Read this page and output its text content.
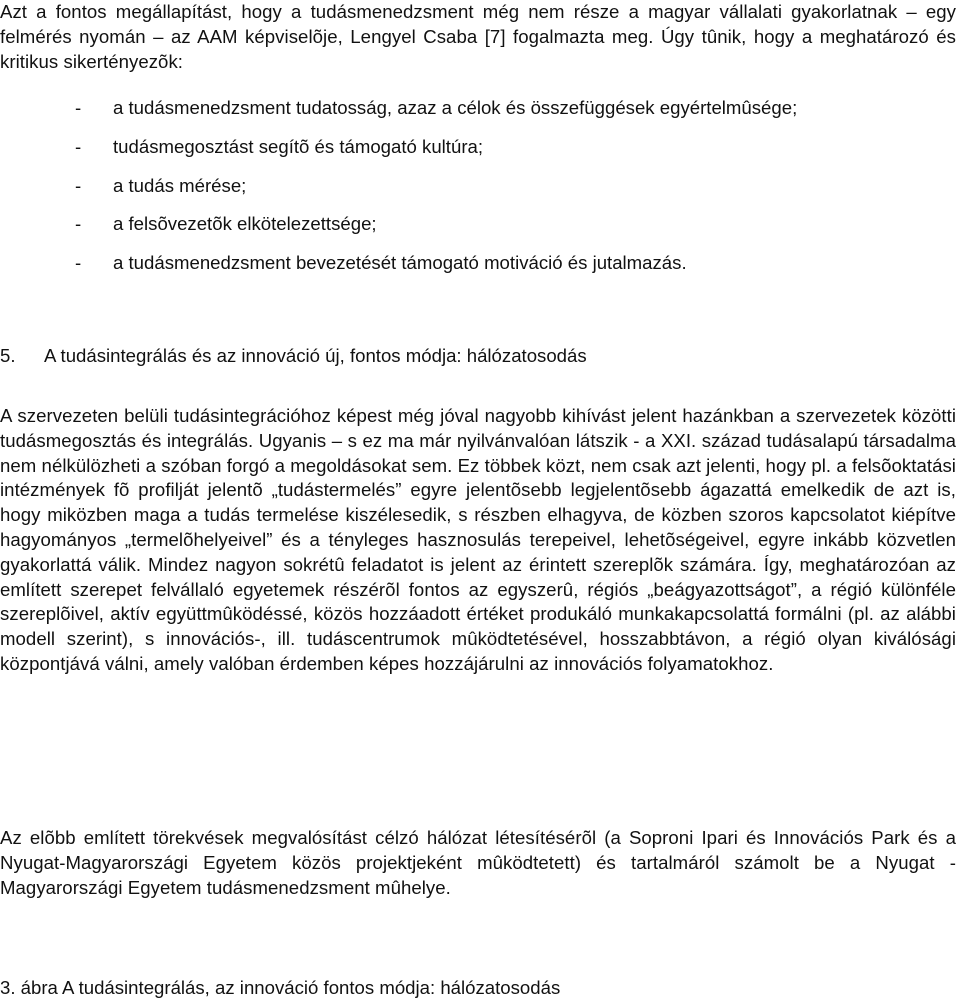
Azt a fontos megállapítást, hogy a tudásmenedzsment még nem része a magyar vállalati gyakorlatnak – egy felmérés nyomán – az AAM képviselõje, Lengyel Csaba [7] fogalmazta meg. Úgy tûnik, hogy a meghatározó és kritikus sikertényezõk:

- a tudásmenedzsment tudatosság, azaz a célok és összefüggések egyértelmûsége;
- tudásmegosztást segítõ és támogató kultúra;
- a tudás mérése;
- a felsõvezetõk elkötelezettsége;
- a tudásmenedzsment bevezetését támogató motiváció és jutalmazás.
5. A tudásintegrálás és az innováció új, fontos módja: hálózatosodás

A szervezeten belüli tudásintegrációhoz képest még jóval nagyobb kihívást jelent hazánkban a szervezetek közötti tudásmegosztás és integrálás. Ugyanis – s ez ma már nyilvánvalóan látszik - a XXI. század tudásalapú társadalma nem nélkülözheti a szóban forgó a megoldásokat sem. Ez többek közt, nem csak azt jelenti, hogy pl. a felsõoktatási intézmények fõ profilját jelentõ „tudástermelés” egyre jelentõsebb legjelentõsebb ágazattá emelkedik de azt is, hogy miközben maga a tudás termelése kiszélesedik, s részben elhagyva, de közben szoros kapcsolatot kiépítve hagyományos „termelõhelyeivel” és a tényleges hasznosulás terepeivel, lehetõségeivel, egyre inkább közvetlen gyakorlattá válik. Mindez nagyon sokrétû feladatot is jelent az érintett szereplõk számára. Így, meghatározóan az említett szerepet felvállaló egyetemek részérõl fontos az egyszerû, régiós „beágyazottságot”, a régió különféle szereplõivel, aktív együttmûködéssé, közös hozzáadott értéket produkáló munkakapcsolattá formálni (pl. az alábbi modell szerint), s innovációs-, ill. tudáscentrumok mûködtetésével, hosszabbtávon, a régió olyan kiválósági központjává válni, amely valóban érdemben képes hozzájárulni az innovációs folyamatokhoz.

Az elõbb említett törekvések megvalósítást célzó hálózat létesítésérõl (a Soproni Ipari és Innovációs Park és a Nyugat-Magyarországi Egyetem közös projektjeként mûködtetett) és tartalmáról számolt be a Nyugat - Magyarországi Egyetem tudásmenedzsment mûhelye.

3. ábra A tudásintegrálás, az innováció fontos módja: hálózatosodás
